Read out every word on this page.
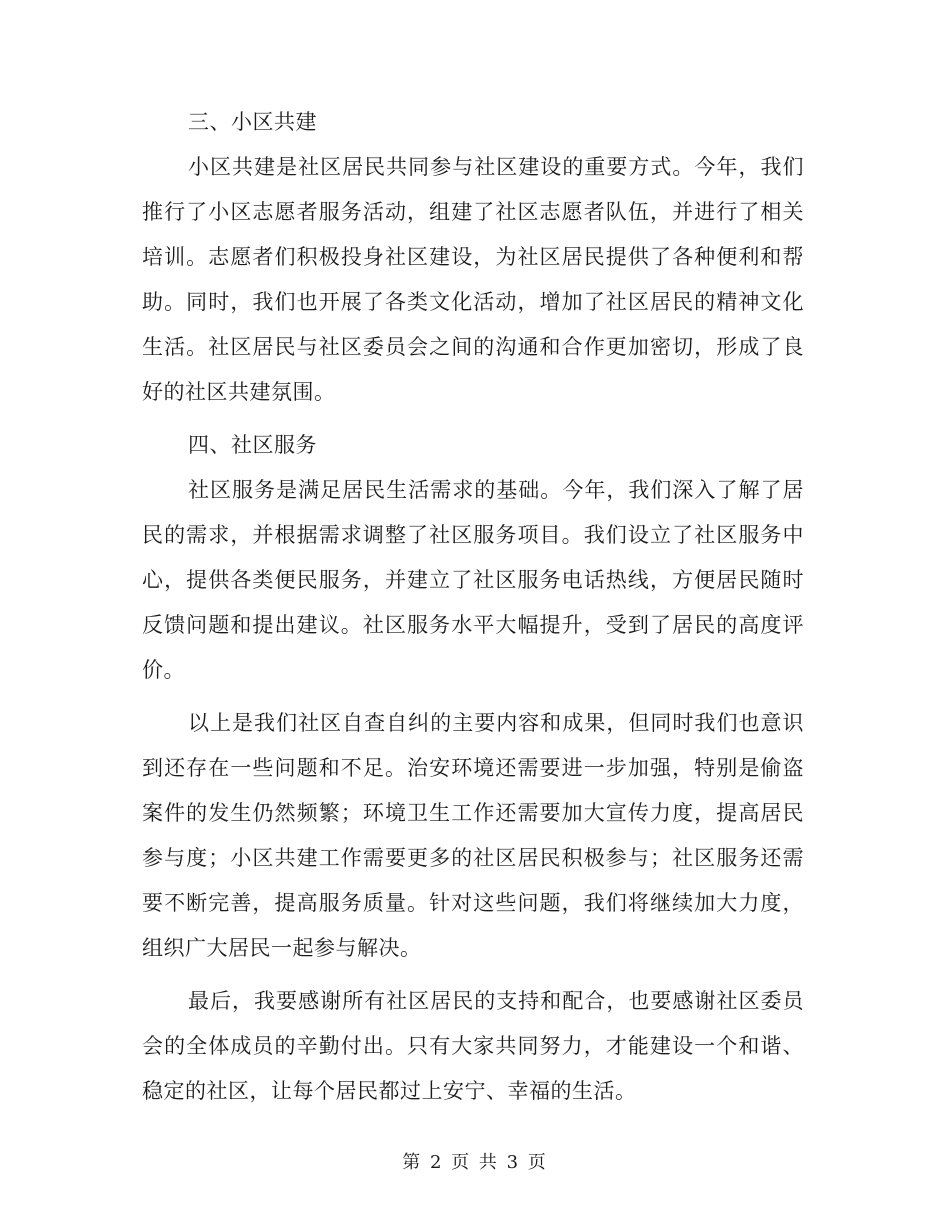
三、小区共建

小区共建是社区居民共同参与社区建设的重要方式。今年，我们推行了小区志愿者服务活动，组建了社区志愿者队伍，并进行了相关培训。志愿者们积极投身社区建设，为社区居民提供了各种便利和帮助。同时，我们也开展了各类文化活动，增加了社区居民的精神文化生活。社区居民与社区委员会之间的沟通和合作更加密切，形成了良好的社区共建氛围。

四、社区服务

社区服务是满足居民生活需求的基础。今年，我们深入了解了居民的需求，并根据需求调整了社区服务项目。我们设立了社区服务中心，提供各类便民服务，并建立了社区服务电话热线，方便居民随时反馈问题和提出建议。社区服务水平大幅提升，受到了居民的高度评价。

以上是我们社区自查自纠的主要内容和成果，但同时我们也意识到还存在一些问题和不足。治安环境还需要进一步加强，特别是偷盗案件的发生仍然频繁；环境卫生工作还需要加大宣传力度，提高居民参与度；小区共建工作需要更多的社区居民积极参与；社区服务还需要不断完善，提高服务质量。针对这些问题，我们将继续加大力度，组织广大居民一起参与解决。

最后，我要感谢所有社区居民的支持和配合，也要感谢社区委员会的全体成员的辛勤付出。只有大家共同努力，才能建设一个和谐、稳定的社区，让每个居民都过上安宁、幸福的生活。

第 2 页 共 3 页
